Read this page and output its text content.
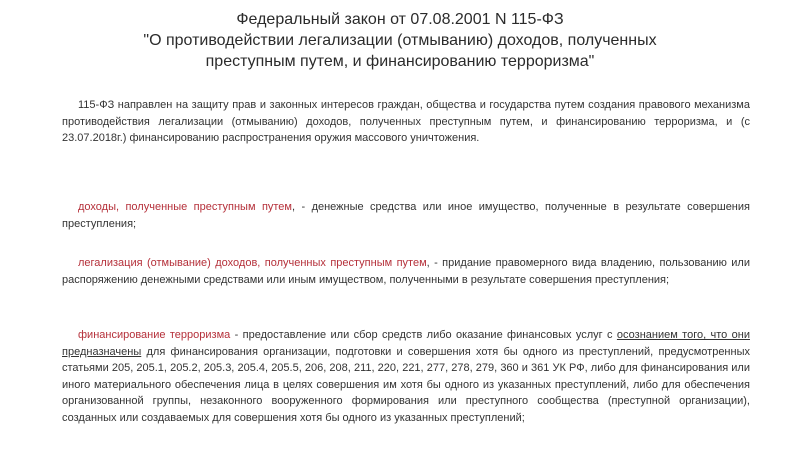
Федеральный закон от 07.08.2001 N 115-ФЗ
"О противодействии легализации (отмыванию) доходов, полученных
преступным путем, и финансированию терроризма"
115-ФЗ направлен на защиту прав и законных интересов граждан, общества и государства путем создания правового механизма противодействия легализации (отмыванию) доходов, полученных преступным путем, и финансированию терроризма, и (с 23.07.2018г.) финансированию распространения оружия массового уничтожения.
доходы, полученные преступным путем, - денежные средства или иное имущество, полученные в результате совершения преступления;
легализация (отмывание) доходов, полученных преступным путем, - придание правомерного вида владению, пользованию или распоряжению денежными средствами или иным имуществом, полученными в результате совершения преступления;
финансирование терроризма - предоставление или сбор средств либо оказание финансовых услуг с осознанием того, что они предназначены для финансирования организации, подготовки и совершения хотя бы одного из преступлений, предусмотренных статьями 205, 205.1, 205.2, 205.3, 205.4, 205.5, 206, 208, 211, 220, 221, 277, 278, 279, 360 и 361 УК РФ, либо для финансирования или иного материального обеспечения лица в целях совершения им хотя бы одного из указанных преступлений, либо для обеспечения организованной группы, незаконного вооруженного формирования или преступного сообщества (преступной организации), созданных или создаваемых для совершения хотя бы одного из указанных преступлений;
